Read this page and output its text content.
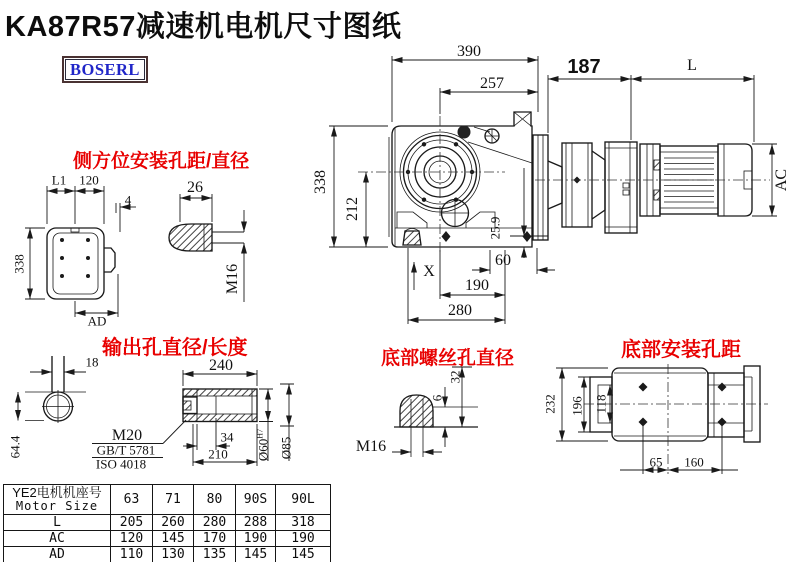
KA87R57减速机电机尺寸图纸
BOSERL
侧方位安装孔距/直径
输出孔直径/长度	底部螺丝孔直径	底部安装孔距
390
257
187	L
AC
338
212
25.9
X
60
190
280
L1 120
4
338
AD
26
M16
18
64.4
240
M20
GB/T 5781
ISO 4018
34
210 $Ø60^{H7}$
Ø85
32
6
M16
232 196 118
65 160
YE2电机机座号
Motor Size	63	71	80	90S	90L
L	205	260	280	288	318
AC	120	145	170	190	190
AD	110	130	135	145	145
